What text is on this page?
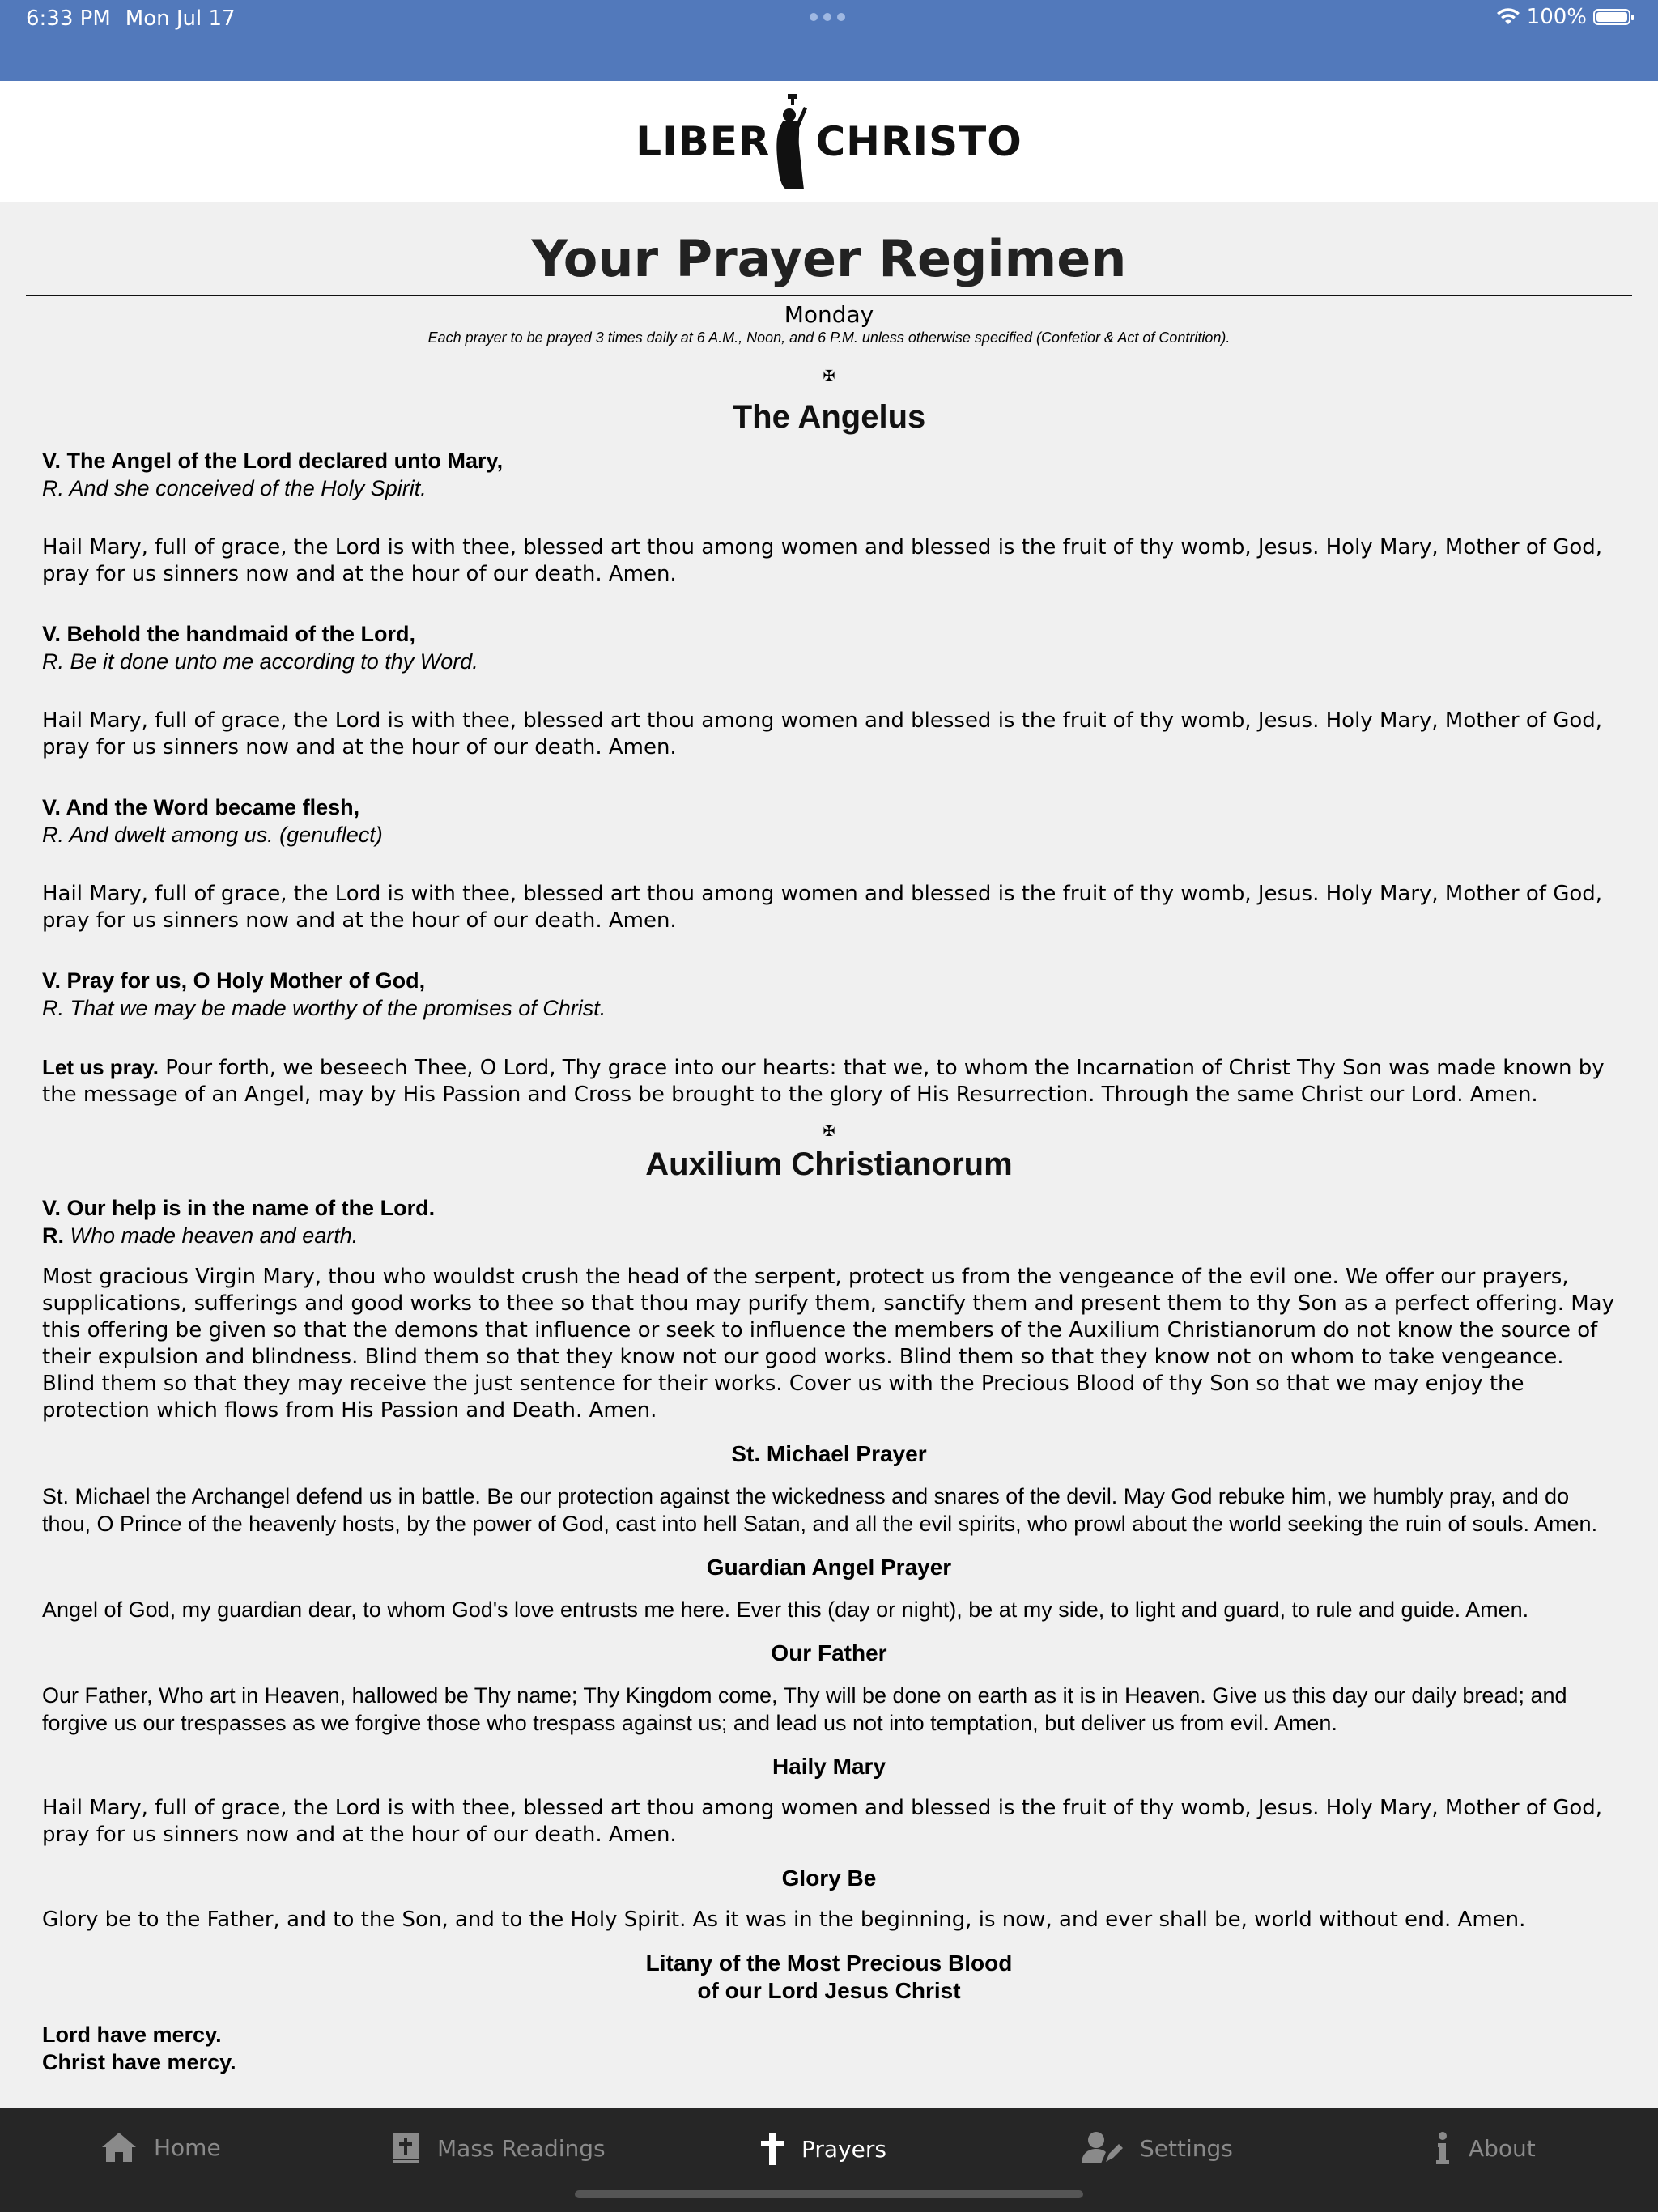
6:33 PM Mon Jul 17	100%
LIBER CHRISTO
Your Prayer Regimen
Monday
Each prayer to be prayed 3 times daily at 6 A.M., Noon, and 6 P.M. unless otherwise specified (Confetior & Act of Contrition).
✠
The Angelus
V. The Angel of the Lord declared unto Mary,
R. And she conceived of the Holy Spirit.
Hail Mary, full of grace, the Lord is with thee, blessed art thou among women and blessed is the fruit of thy womb, Jesus. Holy Mary, Mother of God, pray for us sinners now and at the hour of our death. Amen.
V. Behold the handmaid of the Lord,
R. Be it done unto me according to thy Word.
Hail Mary, full of grace, the Lord is with thee, blessed art thou among women and blessed is the fruit of thy womb, Jesus. Holy Mary, Mother of God, pray for us sinners now and at the hour of our death. Amen.
V. And the Word became flesh,
R. And dwelt among us. (genuflect)
Hail Mary, full of grace, the Lord is with thee, blessed art thou among women and blessed is the fruit of thy womb, Jesus. Holy Mary, Mother of God, pray for us sinners now and at the hour of our death. Amen.
V. Pray for us, O Holy Mother of God,
R. That we may be made worthy of the promises of Christ.
Let us pray. Pour forth, we beseech Thee, O Lord, Thy grace into our hearts: that we, to whom the Incarnation of Christ Thy Son was made known by the message of an Angel, may by His Passion and Cross be brought to the glory of His Resurrection. Through the same Christ our Lord. Amen.
✠
Auxilium Christianorum
V. Our help is in the name of the Lord.
R. Who made heaven and earth.
Most gracious Virgin Mary, thou who wouldst crush the head of the serpent, protect us from the vengeance of the evil one. We offer our prayers, supplications, sufferings and good works to thee so that thou may purify them, sanctify them and present them to thy Son as a perfect offering. May this offering be given so that the demons that influence or seek to influence the members of the Auxilium Christianorum do not know the source of their expulsion and blindness. Blind them so that they know not our good works. Blind them so that they know not on whom to take vengeance. Blind them so that they may receive the just sentence for their works. Cover us with the Precious Blood of thy Son so that we may enjoy the protection which flows from His Passion and Death. Amen.
St. Michael Prayer
St. Michael the Archangel defend us in battle. Be our protection against the wickedness and snares of the devil. May God rebuke him, we humbly pray, and do thou, O Prince of the heavenly hosts, by the power of God, cast into hell Satan, and all the evil spirits, who prowl about the world seeking the ruin of souls. Amen.
Guardian Angel Prayer
Angel of God, my guardian dear, to whom God's love entrusts me here. Ever this (day or night), be at my side, to light and guard, to rule and guide. Amen.
Our Father
Our Father, Who art in Heaven, hallowed be Thy name; Thy Kingdom come, Thy will be done on earth as it is in Heaven. Give us this day our daily bread; and forgive us our trespasses as we forgive those who trespass against us; and lead us not into temptation, but deliver us from evil. Amen.
Haily Mary
Hail Mary, full of grace, the Lord is with thee, blessed art thou among women and blessed is the fruit of thy womb, Jesus. Holy Mary, Mother of God, pray for us sinners now and at the hour of our death. Amen.
Glory Be
Glory be to the Father, and to the Son, and to the Holy Spirit. As it was in the beginning, is now, and ever shall be, world without end. Amen.
Litany of the Most Precious Blood
of our Lord Jesus Christ
Lord have mercy.
Christ have mercy.
Home	Mass Readings	Prayers	Settings	About
